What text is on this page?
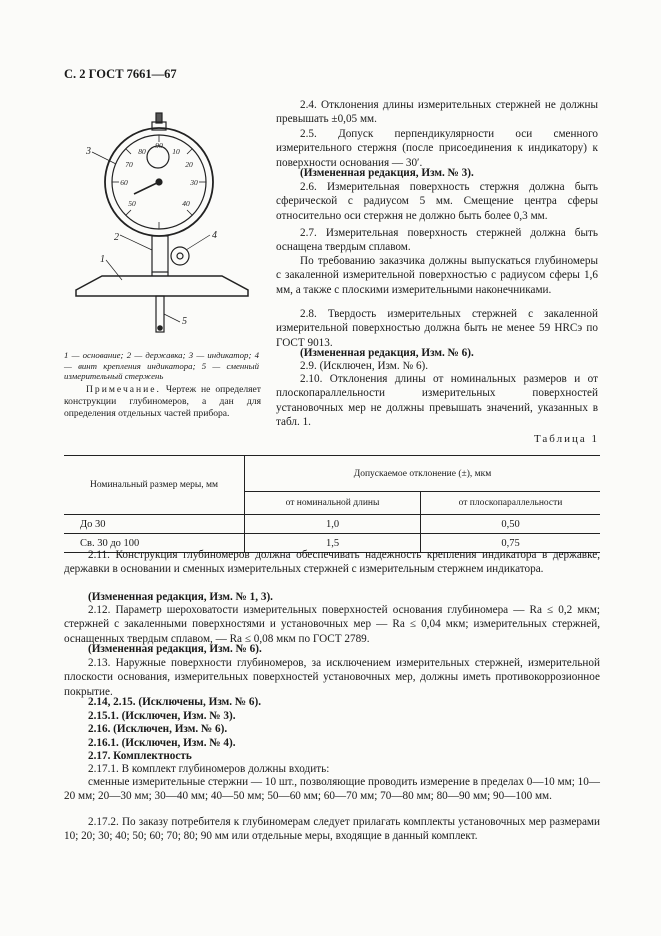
С. 2 ГОСТ 7661—67
80
90
10
20
70
60	30
50	40
3
2	4
1
5
1 — основание; 2 — державка; 3 — индикатор; 4 — винт крепления индикатора; 5 — сменный измерительный стержень
Примечание. Чертеж не определяет конструкции глубиномеров, а дан для определения отдельных частей прибора.
2.4. Отклонения длины измерительных стержней не должны превышать ±0,05 мм.
2.5. Допуск перпендикулярности оси сменного измерительного стержня (после присоединения к индикатору) к поверхности основания — 30′.
(Измененная редакция, Изм. № 3).
2.6. Измерительная поверхность стержня должна быть сферической с радиусом 5 мм. Смещение центра сферы относительно оси стержня не должно быть более 0,3 мм.
2.7. Измерительная поверхность стержней должна быть оснащена твердым сплавом.
По требованию заказчика должны выпускаться глубиномеры с закаленной измерительной поверхностью с радиусом сферы 1,6 мм, а также с плоскими измерительными наконечниками.
2.8. Твердость измерительных стержней с закаленной измерительной поверхностью должна быть не менее 59 HRCэ по ГОСТ 9013.
(Измененная редакция, Изм. № 6).
2.9. (Исключен, Изм. № 6).
2.10. Отклонения длины от номинальных размеров и от плоскопараллельности измерительных поверхностей установочных мер не должны превышать значений, указанных в табл. 1.
Таблица 1
Номинальный размер меры, мм	Допускаемое отклонение (±), мкм	
	от номинальной длины	от плоскопараллельности
До 30	1,0	0,50
Св. 30 до 100	1,5	0,75
2.11. Конструкция глубиномеров должна обеспечивать надежность крепления индикатора в державке, державки в основании и сменных измерительных стержней с измерительным стержнем индикатора.
(Измененная редакция, Изм. № 1, 3).
2.12. Параметр шероховатости измерительных поверхностей основания глубиномера — Ra ≤ 0,2 мкм; стержней с закаленными поверхностями и установочных мер — Ra ≤ 0,04 мкм; измерительных стержней, оснащенных твердым сплавом, — Ra ≤ 0,08 мкм по ГОСТ 2789.
(Измененная редакция, Изм. № 6).
2.13. Наружные поверхности глубиномеров, за исключением измерительных стержней, измерительной плоскости основания, измерительных поверхностей установочных мер, должны иметь противокоррозионное покрытие.
2.14, 2.15. (Исключены, Изм. № 6).
2.15.1. (Исключен, Изм. № 3).
2.16. (Исключен, Изм. № 6).
2.16.1. (Исключен, Изм. № 4).
2.17. Комплектность
2.17.1. В комплект глубиномеров должны входить:
сменные измерительные стержни — 10 шт., позволяющие проводить измерение в пределах 0—10 мм; 10—20 мм; 20—30 мм; 30—40 мм; 40—50 мм; 50—60 мм; 60—70 мм; 70—80 мм; 80—90 мм; 90—100 мм.
2.17.2. По заказу потребителя к глубиномерам следует прилагать комплекты установочных мер размерами 10; 20; 30; 40; 50; 60; 70; 80; 90 мм или отдельные меры, входящие в данный комплект.
